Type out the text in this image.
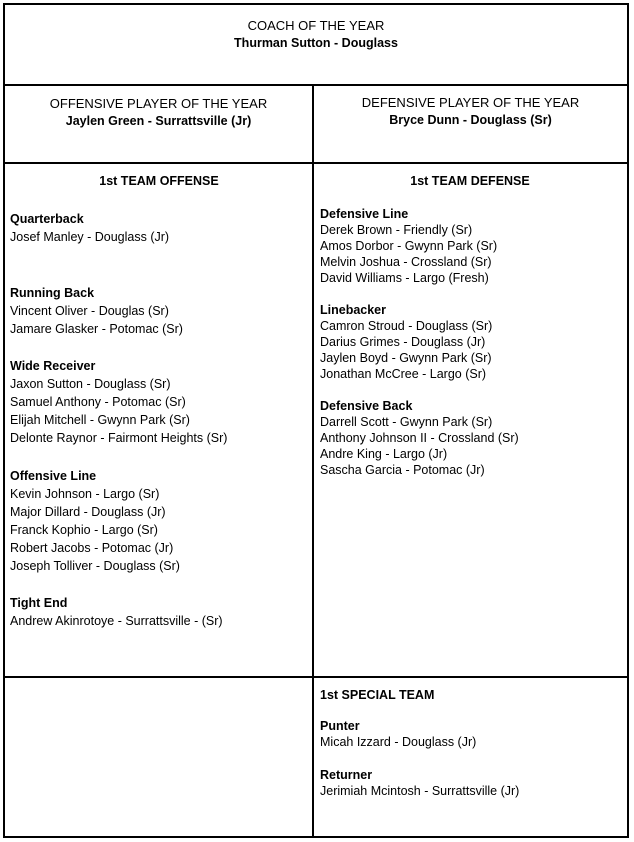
COACH OF THE YEAR
Thurman Sutton - Douglass
OFFENSIVE PLAYER OF THE YEAR
Jaylen Green - Surrattsville (Jr)
DEFENSIVE PLAYER OF THE YEAR
Bryce Dunn - Douglass (Sr)
1st TEAM OFFENSE
Quarterback
Josef Manley - Douglass (Jr)
Running Back
Vincent Oliver - Douglas (Sr)
Jamare Glasker - Potomac (Sr)
Wide Receiver
Jaxon Sutton - Douglass (Sr)
Samuel Anthony - Potomac (Sr)
Elijah Mitchell - Gwynn Park (Sr)
Delonte Raynor - Fairmont Heights (Sr)
Offensive Line
Kevin Johnson - Largo (Sr)
Major Dillard - Douglass (Jr)
Franck Kophio - Largo (Sr)
Robert Jacobs - Potomac (Jr)
Joseph Tolliver - Douglass (Sr)
Tight End
Andrew Akinrotoye - Surrattsville - (Sr)
1st TEAM DEFENSE
Defensive Line
Derek Brown - Friendly (Sr)
Amos Dorbor - Gwynn Park (Sr)
Melvin Joshua - Crossland (Sr)
David Williams - Largo (Fresh)
Linebacker
Camron Stroud - Douglass (Sr)
Darius Grimes - Douglass (Jr)
Jaylen Boyd - Gwynn Park (Sr)
Jonathan McCree - Largo (Sr)
Defensive Back
Darrell Scott - Gwynn Park (Sr)
Anthony Johnson II - Crossland (Sr)
Andre King - Largo (Jr)
Sascha Garcia - Potomac (Jr)
1st SPECIAL TEAM
Punter
Micah Izzard - Douglass (Jr)
Returner
Jerimiah Mcintosh - Surrattsville (Jr)
